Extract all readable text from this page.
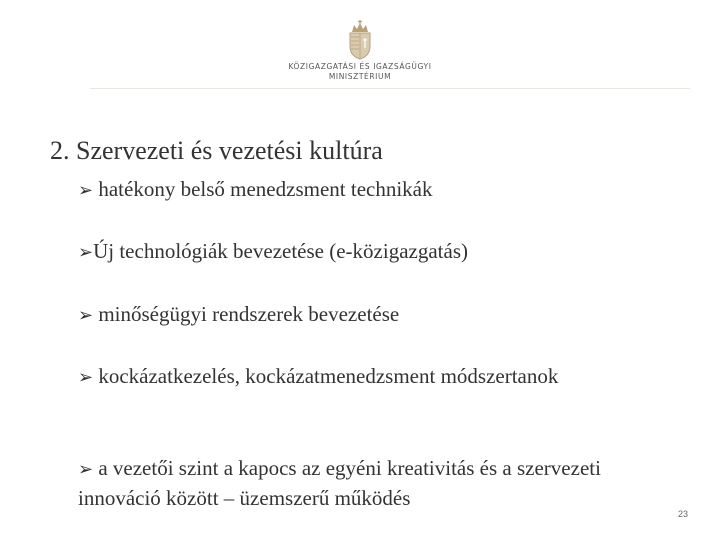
KÖZIGAZGATÁSI ÉS IGAZSÁGÜGYI
MINISZTÉRIUM
2. Szervezeti és vezetési kultúra
➢ hatékony belső menedzsment technikák
➢Új technológiák bevezetése (e-közigazgatás)
➢ minőségügyi rendszerek bevezetése
➢ kockázatkezelés, kockázatmenedzsment módszertanok
➢ a vezetői szint a kapocs az egyéni kreativitás és a szervezeti innováció között – üzemszerű működés
23
